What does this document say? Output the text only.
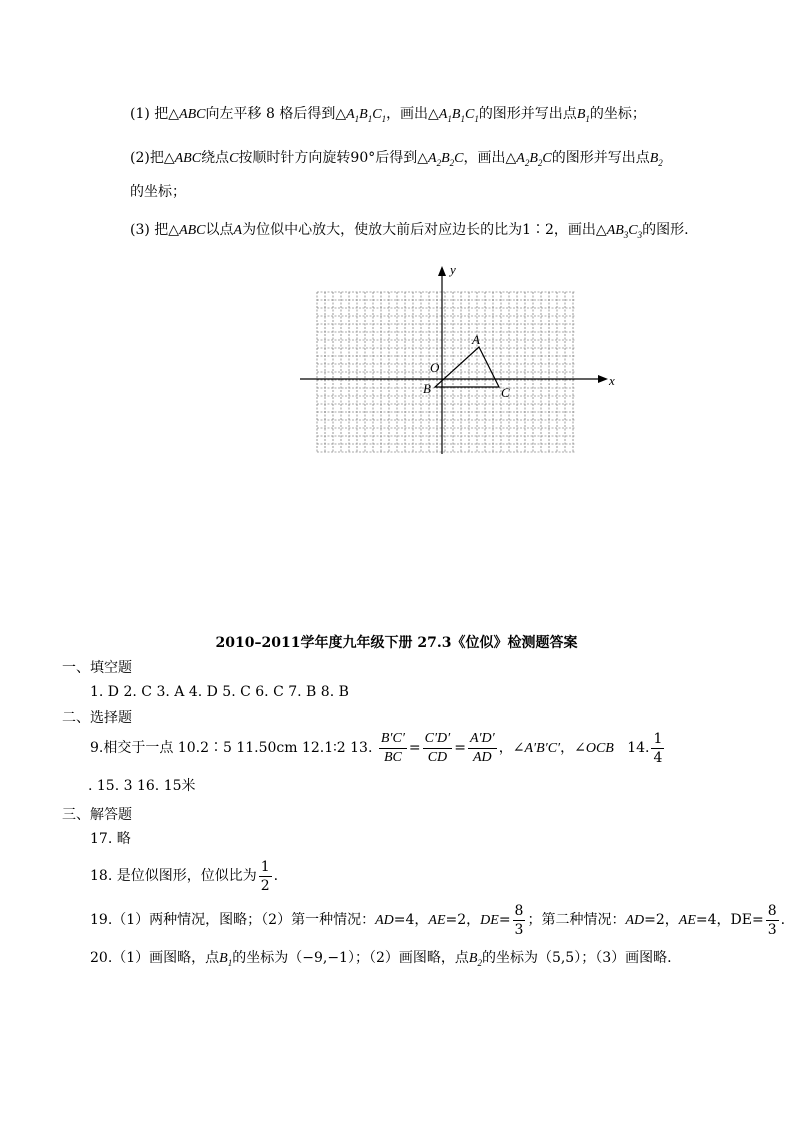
(1) 把△ABC向左平移 8 格后得到$\triangle A_1B_1C_1$，画出$\triangle A_1B_1C_1$的图形并写出点$B_1$的坐标；
(2)把△ABC绕点C按顺时针方向旋转90°后得到$\triangle A_2B_2C$，画出$\triangle A_2B_2C$的图形并写出点$B_2$
的坐标；
(3) 把△ABC以点A为位似中心放大，使放大前后对应边长的比为1∶2，画出$\triangle AB_3C_3$的图形.
x
y
O
A
B	C
2010–2011学年度九年级下册 27.3《位似》检测题答案
一、填空题
1. D 2. C 3. A 4. D 5. C 6. C 7. B 8. B
二、选择题
9.相交于一点 10.2∶5 11.50cm 12.1∶2 13. $\frac{B'C'}{BC} = \frac{C'D'}{CD} = \frac{A'D'}{AD}$ ，∠A′B′C′，∠OCB 14. $\frac{1}{4}$
. 15. 3 16. 15米
三、解答题
17. 略
18. 是位似图形，位似比为 $\frac{1}{2}$ .
19.（1）两种情况，图略；（2）第一种情况：AD=4，AE=2，$DE= \frac{8}{3}$ ；第二种情况：AD=2，AE=4，$DE= \frac{8}{3}$ .
20.（1）画图略，点$B_1$的坐标为（−9,−1）；（2）画图略，点$B_2$的坐标为（5,5）；（3）画图略.
